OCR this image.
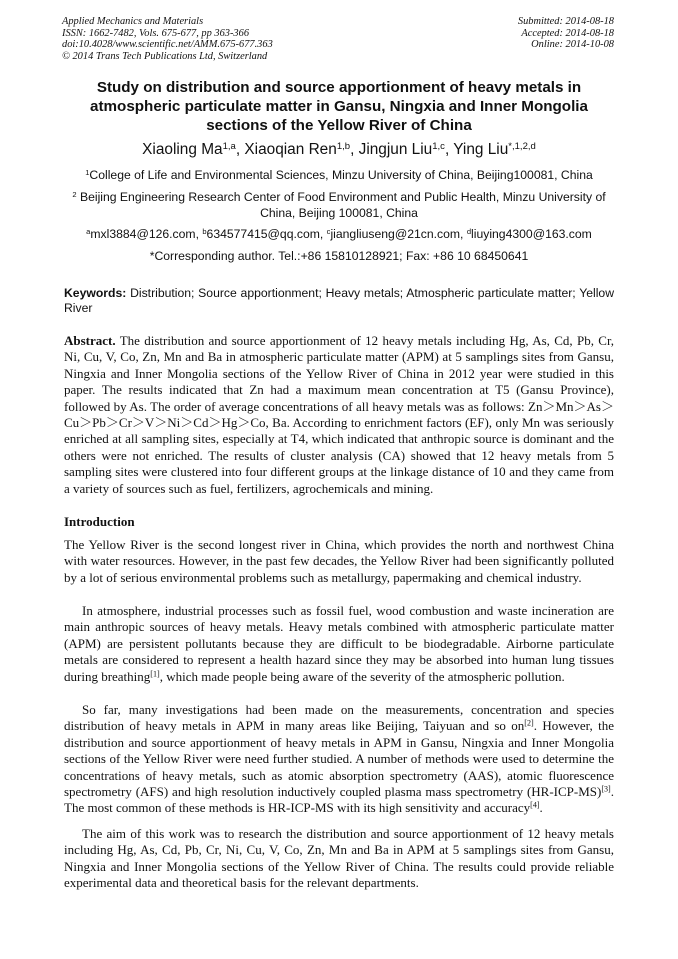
Applied Mechanics and Materials
ISSN: 1662-7482, Vols. 675-677, pp 363-366
doi:10.4028/www.scientific.net/AMM.675-677.363
© 2014 Trans Tech Publications Ltd, Switzerland
Submitted: 2014-08-18
Accepted: 2014-08-18
Online: 2014-10-08
Study on distribution and source apportionment of heavy metals in atmospheric particulate matter in Gansu, Ningxia and Inner Mongolia sections of the Yellow River of China
Xiaoling Ma$^{1,a}$, Xiaoqian Ren$^{1,b}$, Jingjun Liu$^{1,c}$, Ying Liu$^{*,1,2,d}$
$^1$College of Life and Environmental Sciences, Minzu University of China, Beijing100081, China
$^2$ Beijing Engineering Research Center of Food Environment and Public Health, Minzu University of China, Beijing 100081, China
$^a$mxl3884@126.com, $^b$634577415@qq.com, $^c$jiangliuseng@21cn.com, $^d$liuying4300@163.com
*Corresponding author. Tel.:+86 15810128921; Fax: +86 10 68450641
Keywords: Distribution; Source apportionment; Heavy metals; Atmospheric particulate matter; Yellow River
Abstract. The distribution and source apportionment of 12 heavy metals including Hg, As, Cd, Pb, Cr, Ni, Cu, V, Co, Zn, Mn and Ba in atmospheric particulate matter (APM) at 5 samplings sites from Gansu, Ningxia and Inner Mongolia sections of the Yellow River of China in 2012 year were studied in this paper. The results indicated that Zn had a maximum mean concentration at T5 (Gansu Province), followed by As. The order of average concentrations of all heavy metals was as follows: Zn＞Mn＞As＞Cu＞Pb＞Cr＞V＞Ni＞Cd＞Hg＞Co, Ba. According to enrichment factors (EF), only Mn was seriously enriched at all sampling sites, especially at T4, which indicated that anthropic source is dominant and the others were not enriched. The results of cluster analysis (CA) showed that 12 heavy metals from 5 sampling sites were clustered into four different groups at the linkage distance of 10 and they came from a variety of sources such as fuel, fertilizers, agrochemicals and mining.
Introduction

The Yellow River is the second longest river in China, which provides the north and northwest China with water resources. However, in the past few decades, the Yellow River had been significantly polluted by a lot of serious environmental problems such as metallurgy, papermaking and chemical industry.

In atmosphere, industrial processes such as fossil fuel, wood combustion and waste incineration are main anthropic sources of heavy metals. Heavy metals combined with atmospheric particulate matter (APM) are persistent pollutants because they are difficult to be biodegradable. Airborne particulate metals are considered to represent a health hazard since they may be absorbed into human lung tissues during breathing[1], which made people being aware of the severity of the atmospheric pollution.

So far, many investigations had been made on the measurements, concentration and species distribution of heavy metals in APM in many areas like Beijing, Taiyuan and so on[2]. However, the distribution and source apportionment of heavy metals in APM in Gansu, Ningxia and Inner Mongolia sections of the Yellow River were need further studied. A number of methods were used to determine the concentrations of heavy metals, such as atomic absorption spectrometry (AAS), atomic fluorescence spectrometry (AFS) and high resolution inductively coupled plasma mass spectrometry (HR-ICP-MS)[3]. The most common of these methods is HR-ICP-MS with its high sensitivity and accuracy[4].

The aim of this work was to research the distribution and source apportionment of 12 heavy metals including Hg, As, Cd, Pb, Cr, Ni, Cu, V, Co, Zn, Mn and Ba in APM at 5 samplings sites from Gansu, Ningxia and Inner Mongolia sections of the Yellow River of China. The results could provide reliable experimental data and theoretical basis for the relevant departments.
